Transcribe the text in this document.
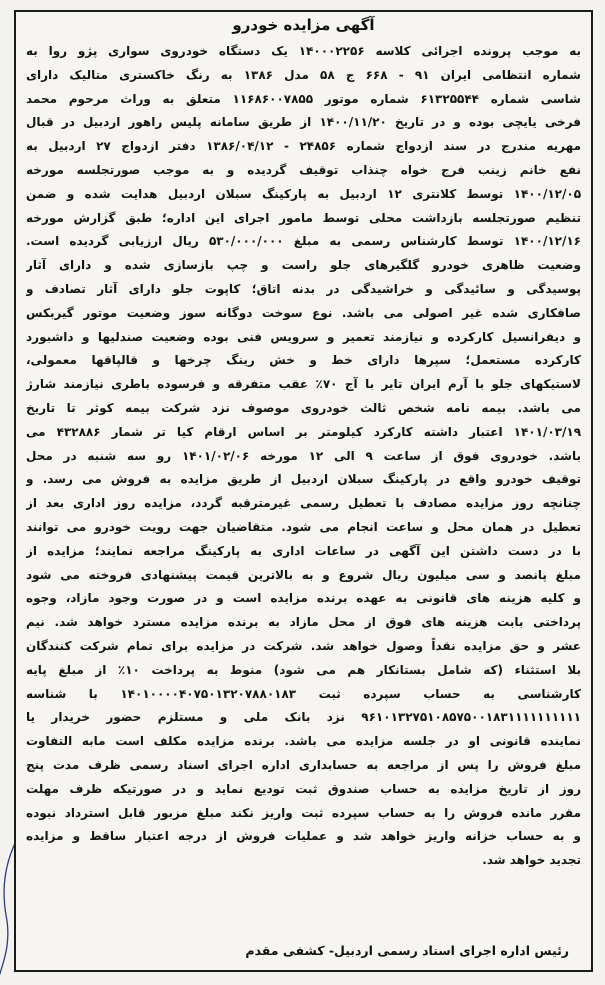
آگهی مزایده خودرو
به موجب پرونده اجرائی کلاسه ۱۴۰۰۰۲۲۵۶ یک دستگاه خودروی سواری پژو روا به
شماره انتظامی ایران ۹۱ - ۶۶۸ ج ۵۸ مدل ۱۳۸۶ به رنگ خاکستری متالیک دارای
شاسی شماره ۶۱۳۲۵۵۴۴ شماره موتور ۱۱۶۸۶۰۰۷۸۵۵ متعلق به وراث مرحوم محمد
فرخی یایچی بوده و در تاریخ ۱۴۰۰/۱۱/۲۰ از طریق سامانه پلیس راهور اردبیل در قبال
مهریه مندرج در سند ازدواج شماره ۲۴۸۵۶ - ۱۳۸۶/۰۴/۱۲ دفتر ازدواج ۲۷ اردبیل به
نفع خانم زینب فرج خواه چنذاب توقیف گردیده و به موجب صورتجلسه مورخه
۱۴۰۰/۱۲/۰۵ توسط کلانتری ۱۲ اردبیل به پارکینگ سبلان اردبیل هدایت شده و ضمن
تنظیم صورتجلسه بازداشت محلی توسط مامور اجرای این اداره؛ طبق گزارش مورخه
۱۴۰۰/۱۲/۱۶ توسط کارشناس رسمی به مبلغ ۵۳۰/۰۰۰/۰۰۰ ریال ارزیابی گردیده است.
وضعیت ظاهری خودرو گلگیرهای جلو راست و چپ بازسازی شده و دارای آثار
پوسیدگی و سائیدگی و خراشیدگی در بدنه اتاق؛ کاپوت جلو دارای آثار تصادف و
صافکاری شده غیر اصولی می باشد. نوع سوخت دوگانه سوز وضعیت موتور گیربکس
و دیفرانسیل کارکرده و نیازمند تعمیر و سرویس فنی بوده وضعیت صندلیها و داشبورد
کارکرده مستعمل؛ سپرها دارای خط و خش رینگ چرخها و قالپاقها معمولی،
لاستیکهای جلو با آرم ایران تایر با آج ۷۰٪ عقب متفرقه و فرسوده باطری نیازمند شارژ
می باشد. بیمه نامه شخص ثالث خودروی موصوف نزد شرکت بیمه کوثر تا تاریخ
۱۴۰۱/۰۳/۱۹ اعتبار داشته کارکرد کیلومتر بر اساس ارقام کیا تر شمار ۴۳۲۸۸۶ می
باشد. خودروی فوق از ساعت ۹ الی ۱۲ مورخه ۱۴۰۱/۰۲/۰۶ رو سه شنبه در محل
توقیف خودرو واقع در پارکینگ سبلان اردبیل از طریق مزایده به فروش می رسد. و
چنانچه روز مزایده مصادف با تعطیل رسمی غیرمترقبه گردد، مزایده روز اداری بعد از
تعطیل در همان محل و ساعت انجام می شود. متقاضیان جهت رویت خودرو می توانند
با در دست داشتن این آگهی در ساعات اداری به پارکینگ مراجعه نمایند؛ مزایده از
مبلغ پانصد و سی میلیون ریال شروع و به بالاترین قیمت پیشنهادی فروخته می شود
و کلیه هزینه های قانونی به عهده برنده مزایده است و در صورت وجود مازاد، وجوه
پرداختی بابت هزینه های فوق از محل مازاد به برنده مزایده مسترد خواهد شد. نیم
عشر و حق مزایده نقداً وصول خواهد شد. شرکت در مزایده برای تمام شرکت کنندگان
بلا استثناء (که شامل بستانکار هم می شود) منوط به پرداخت ۱۰٪ از مبلغ پایه
کارشناسی به حساب سپرده ثبت ۱۴۰۱۰۰۰۰۴۰۷۵۰۱۳۲۰۷۸۸۰۱۸۳ با شناسه
۹۶۱۰۱۳۲۷۵۱۰۸۵۷۵۰۰۱۸۳۱۱۱۱۱۱۱۱۱۱ نزد بانک ملی و مستلزم حضور خریدار یا
نماینده قانونی او در جلسه مزایده می باشد. برنده مزایده مکلف است مابه التفاوت
مبلغ فروش را پس از مراجعه به حسابداری اداره اجرای اسناد رسمی ظرف مدت پنج
روز از تاریخ مزایده به حساب صندوق ثبت تودیع نماید و در صورتیکه ظرف مهلت
مقرر مانده فروش را به حساب سپرده ثبت واریز نکند مبلغ مزبور قابل استرداد نبوده
و به حساب خزانه واریز خواهد شد و عملیات فروش از درجه اعتبار ساقط و مزایده
تجدید خواهد شد.
رئیس اداره اجرای اسناد رسمی اردبیل- کشفی مقدم
